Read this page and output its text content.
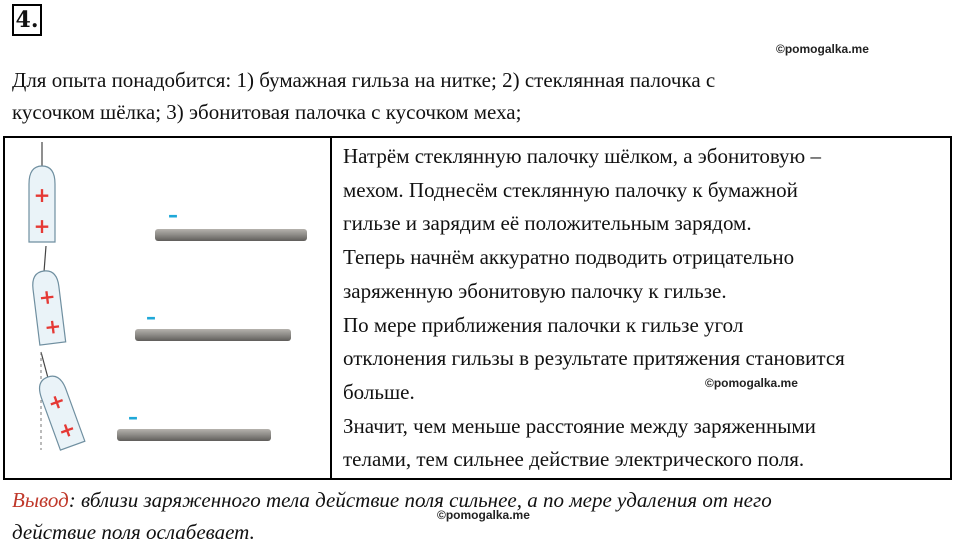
4.
©pomogalka.me
Для опыта понадобится: 1) бумажная гильза на нитке; 2) стеклянная палочка с
кусочком шёлка; 3) эбонитовая палочка с кусочком меха;
+
+	–
+
+	–
+
+ –

Натрём стеклянную палочку шёлком, а эбонитовую –

мехом. Поднесём стеклянную палочку к бумажной

гильзе и зарядим её положительным зарядом.

Теперь начнём аккуратно подводить отрицательно

заряженную эбонитовую палочку к гильзе.

По мере приближения палочки к гильзе угол

отклонения гильзы в результате притяжения становится

больше.

Значит, чем меньше расстояние между заряженными

телами, тем сильнее действие электрического поля.

©pomogalka.me
Вывод: вблизи заряженного тела действие поля сильнее, а по мере удаления от него
действие поля ослабевает.
©pomogalka.me
